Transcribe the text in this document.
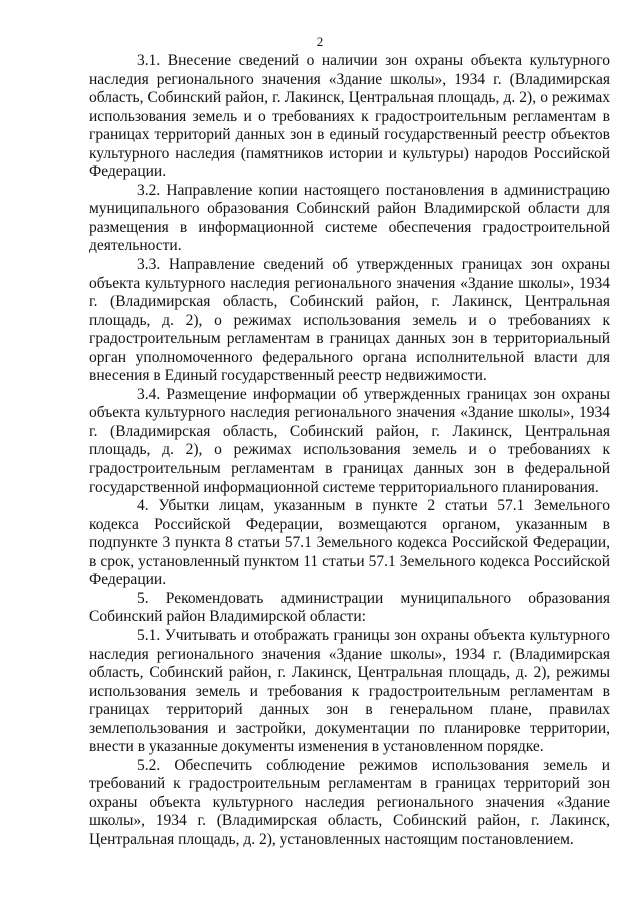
2

3.1. Внесение сведений о наличии зон охраны объекта культурного наследия регионального значения «Здание школы», 1934 г. (Владимирская область, Собинский район, г. Лакинск, Центральная площадь, д. 2), о режимах использования земель и о требованиях к градостроительным регламентам в границах территорий данных зон в единый государственный реестр объектов культурного наследия (памятников истории и культуры) народов Российской Федерации.

3.2. Направление копии настоящего постановления в администрацию муниципального образования Собинский район Владимирской области для размещения в информационной системе обеспечения градостроительной деятельности.

3.3. Направление сведений об утвержденных границах зон охраны объекта культурного наследия регионального значения «Здание школы», 1934 г. (Владимирская область, Собинский район, г. Лакинск, Центральная площадь, д. 2), о режимах использования земель и о требованиях к градостроительным регламентам в границах данных зон в территориальный орган уполномоченного федерального органа исполнительной власти для внесения в Единый государственный реестр недвижимости.

3.4. Размещение информации об утвержденных границах зон охраны объекта культурного наследия регионального значения «Здание школы», 1934 г. (Владимирская область, Собинский район, г. Лакинск, Центральная площадь, д. 2), о режимах использования земель и о требованиях к градостроительным регламентам в границах данных зон в федеральной государственной информационной системе территориального планирования.

4. Убытки лицам, указанным в пункте 2 статьи 57.1 Земельного кодекса Российской Федерации, возмещаются органом, указанным в подпункте 3 пункта 8 статьи 57.1 Земельного кодекса Российской Федерации, в срок, установленный пунктом 11 статьи 57.1 Земельного кодекса Российской Федерации.

5. Рекомендовать администрации муниципального образования Собинский район Владимирской области:

5.1. Учитывать и отображать границы зон охраны объекта культурного наследия регионального значения «Здание школы», 1934 г. (Владимирская область, Собинский район, г. Лакинск, Центральная площадь, д. 2), режимы использования земель и требования к градостроительным регламентам в границах территорий данных зон в генеральном плане, правилах землепользования и застройки, документации по планировке территории, внести в указанные документы изменения в установленном порядке.

5.2. Обеспечить соблюдение режимов использования земель и требований к градостроительным регламентам в границах территорий зон охраны объекта культурного наследия регионального значения «Здание школы», 1934 г. (Владимирская область, Собинский район, г. Лакинск, Центральная площадь, д. 2), установленных настоящим постановлением.
